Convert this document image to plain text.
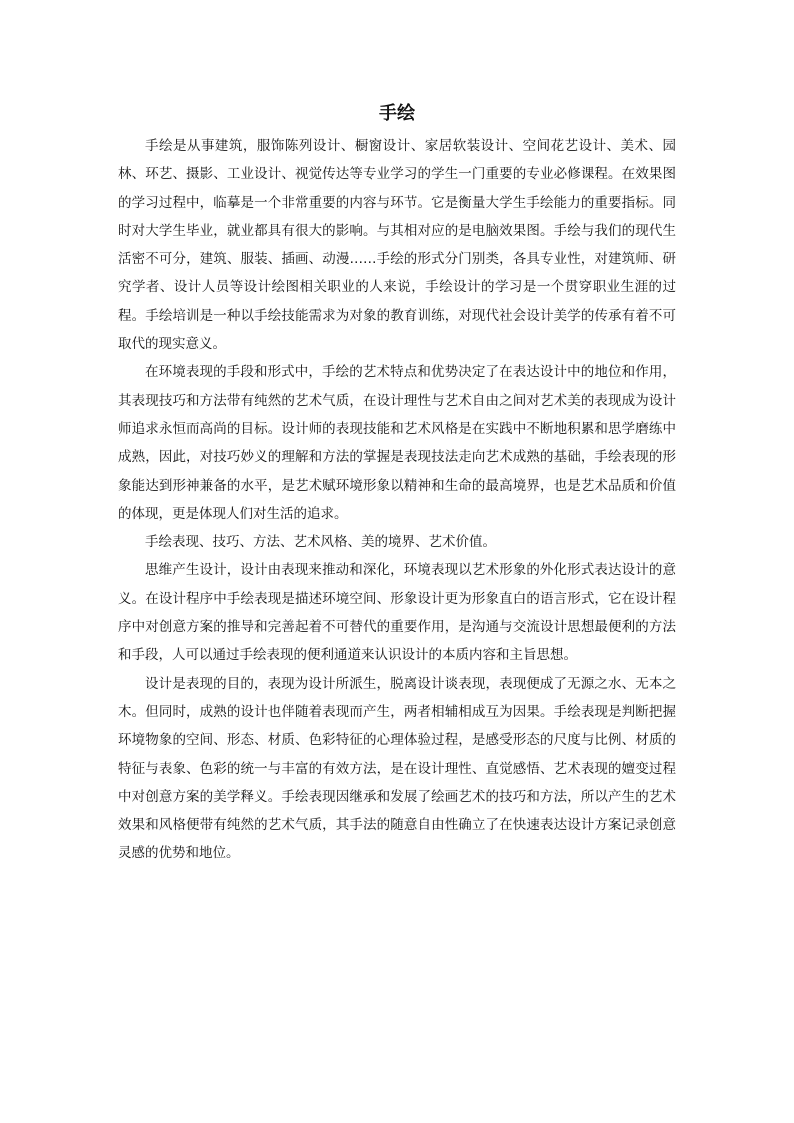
手绘

手绘是从事建筑，服饰陈列设计、橱窗设计、家居软装设计、空间花艺设计、美术、园林、环艺、摄影、工业设计、视觉传达等专业学习的学生一门重要的专业必修课程。在效果图的学习过程中，临摹是一个非常重要的内容与环节。它是衡量大学生手绘能力的重要指标。同时对大学生毕业，就业都具有很大的影响。与其相对应的是电脑效果图。手绘与我们的现代生活密不可分，建筑、服装、插画、动漫……手绘的形式分门别类，各具专业性，对建筑师、研究学者、设计人员等设计绘图相关职业的人来说，手绘设计的学习是一个贯穿职业生涯的过程。手绘培训是一种以手绘技能需求为对象的教育训练，对现代社会设计美学的传承有着不可取代的现实意义。

在环境表现的手段和形式中，手绘的艺术特点和优势决定了在表达设计中的地位和作用，其表现技巧和方法带有纯然的艺术气质，在设计理性与艺术自由之间对艺术美的表现成为设计师追求永恒而高尚的目标。设计师的表现技能和艺术风格是在实践中不断地积累和思学磨练中成熟，因此，对技巧妙义的理解和方法的掌握是表现技法走向艺术成熟的基础，手绘表现的形象能达到形神兼备的水平，是艺术赋环境形象以精神和生命的最高境界，也是艺术品质和价值的体现，更是体现人们对生活的追求。

手绘表现、技巧、方法、艺术风格、美的境界、艺术价值。

思维产生设计，设计由表现来推动和深化，环境表现以艺术形象的外化形式表达设计的意义。在设计程序中手绘表现是描述环境空间、形象设计更为形象直白的语言形式，它在设计程序中对创意方案的推导和完善起着不可替代的重要作用，是沟通与交流设计思想最便利的方法和手段，人可以通过手绘表现的便利通道来认识设计的本质内容和主旨思想。

设计是表现的目的，表现为设计所派生，脱离设计谈表现，表现便成了无源之水、无本之木。但同时，成熟的设计也伴随着表现而产生，两者相辅相成互为因果。手绘表现是判断把握环境物象的空间、形态、材质、色彩特征的心理体验过程，是感受形态的尺度与比例、材质的特征与表象、色彩的统一与丰富的有效方法，是在设计理性、直觉感悟、艺术表现的嬗变过程中对创意方案的美学释义。手绘表现因继承和发展了绘画艺术的技巧和方法，所以产生的艺术效果和风格便带有纯然的艺术气质，其手法的随意自由性确立了在快速表达设计方案记录创意灵感的优势和地位。
